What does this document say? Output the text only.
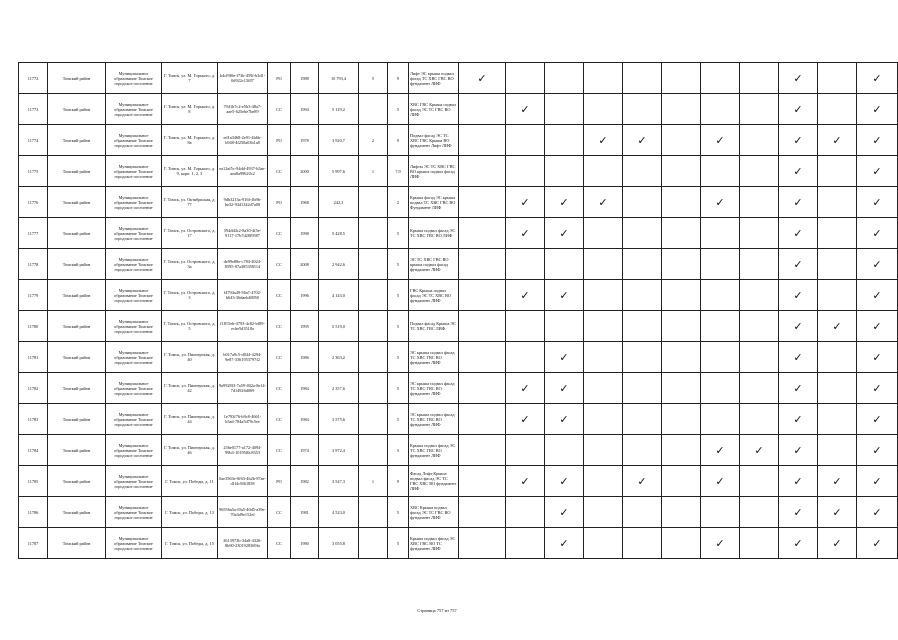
11772	Томский район	Муниципальное образование Томское городское поселение	Г. Томск, ул. М. Горького, д. 7	b4cf9f0e-f73b-459f-b3d1-0d922c15f87	РО	1988	10 793,4	5	9	Лифт ЭС крыша подвал фасад ТС ХВС ГВС ВО фундамент ЛИФ	✓								✓		✓
11773	Томский район	Муниципальное образование Томское городское поселение	Г. Томск, ул. М. Горького, д. 8	7941b7c2-e5b3-48a7-aae5-625ebe7be89	СС	1994	5 119,2		5	ХВС ГВС Крыша подвал фасад ЭС ТС ГВС ВО ЛИФ		✓							✓		✓
11774	Томский район	Муниципальное образование Томское городское поселение	Г. Томск, ул. М. Горького, д. 8а	ed1a3468-2e91-4b6b-b948-4f250a03b1a8	РО	1978	3 920,7	2	9	Подвал фасад ЭС ТС ХВС ГВС Крыша ВО фундамент Лифт ЛИФ				✓	✓		✓		✓	✓	✓
11775	Томский район	Муниципальное образование Томское городское поселение	Г. Томск, ул. М. Горького, д. 9, корп. 1, 2, 3	ea12af5c-94dd-4937-b5ae-aea8a99620c2	СС	2000	5 997,6	1	7,9	Лифты ЭС ТС ХВС ГВС ВО крыша подвал фасад ЛИФ									✓		✓
11776	Томский район	Муниципальное образование Томское городское поселение	Г. Томск, ул. Октябрьская, д. 77	9db3213a-916f-4b9b-be32-9441342d7a08	РО	1968	242,3		2	Крыша фасад ЭС крыша подвал ТС ХВС ГВС ВО Фундамент ЛИФ		✓	✓	✓			✓		✓		✓
11777	Томский район	Муниципальное образование Томское городское поселение	Г. Томск, ул. Островского, д. 17	594dd4c2-8a30-4f5e-9117-17b7d28f9587	СС	1998	5 428,5		5	Крыша подвал фасад ЭС ТС ХВС ГВС ВО ЛИФ		✓	✓						✓		✓
11778	Томский район	Муниципальное образование Томское городское поселение	Г. Томск, ул. Островского, д. 3а	de99e88e-c784-4024-8595-07a385358114	СС	2008	2 942,6		5	ЭС ТС ХВС ГВС ВО крыша подвал фасад фундамент ЛИФ									✓		✓
11779	Томский район	Муниципальное образование Томское городское поселение	Г. Томск, ул. Островского, д. 3	f4794a49-56a7-4702-b643-36daeb48050	СС	1996	4 143,0		5	ГВС Крыша подвал фасад ЭС ТС ХВС ВО фундамент ЛИФ		✓	✓						✓		✓
11780	Томский район	Муниципальное образование Томское городское поселение	Г. Томск, ул. Островского, д. 5	f1815eb-4793-4c82-bf89-ecbe5d3518a	СС	1995	5 519,0		5	Подвал фасад Крыша ЭС ТС ХВС ГВС ЛИФ									✓	✓	✓
11781	Томский район	Муниципальное образование Томское городское поселение	Г. Томск, ул. Пионерская, д. 40	b017a9c5-d044-4294-9e87-3361953797f2	СС	1986	2 363,2		5	ЭС крыша подвал фасад ТС ХВС ГВС ВО фундамент ЛИФ			✓						✓		✓
11782	Томский район	Муниципальное образование Томское городское поселение	Г. Томск, ул. Пионерская, д. 42	9a9928f3-7a59-402a-8e14-7d14926d069	СС	1984	2 357,6		5	ЭС крыша подвал фасад ТС ХВС ГВС ВО фундамент ЛИФ		✓	✓						✓		✓
11783	Томский район	Муниципальное образование Томское городское поселение	Г. Томск, ул. Пионерская, д. 44	1e793f76-b9c8-4661-b5ad-784a5d79c5ee	СС	1984	3 575,6		5	ЭС крыша подвал фасад ТС ХВС ГВС ВО фундамент ЛИФ		✓	✓						✓		✓
11784	Томский район	Муниципальное образование Томское городское поселение	Г. Томск, ул. Пионерская, д. 46	256e0177-a172-4094-99b3-10195f0c8353	СС	1974	3 972,4		5	Крыша подвал фасад ЭС ТС ХВС ГВС ВО фундамент ЛИФ							✓	✓	✓		✓
11785	Томский район	Муниципальное образование Томское городское поселение	Г. Томск, ул. Победы, д. 11	0ae3563e-0f63-4b2b-87ae-d1f4c9f61858	РО	1982	3 547,3	1	9	Фасад Лифт Крыша подвал фасад ЭС ТС ГВС ХВС ВО фундамент ЛИФ		✓	✓		✓		✓		✓	✓	✓
11786	Томский район	Муниципальное образование Томское городское поселение	Г. Томск, ул. Победы, д. 13	96556a5a-f0a5-40d5-a39e-70a3d9e152ef	СС	1981	4 523,0		5	ХВС Крыша подвал фасад ЭС ТС ГВС ВО фундамент ЛИФ			✓						✓	✓	✓
11787	Томский район	Муниципальное образование Томское городское поселение	Г. Томск, ул. Победы, д. 15	2613973b-34a8-4326-8b90-2301928369fa	СС	1980	3 055,8		5	Крыша подвал фасад ЭС ХВС ГВС ВО ТС фундамент ЛИФ			✓				✓		✓	✓	✓
Страница 757 из 757
